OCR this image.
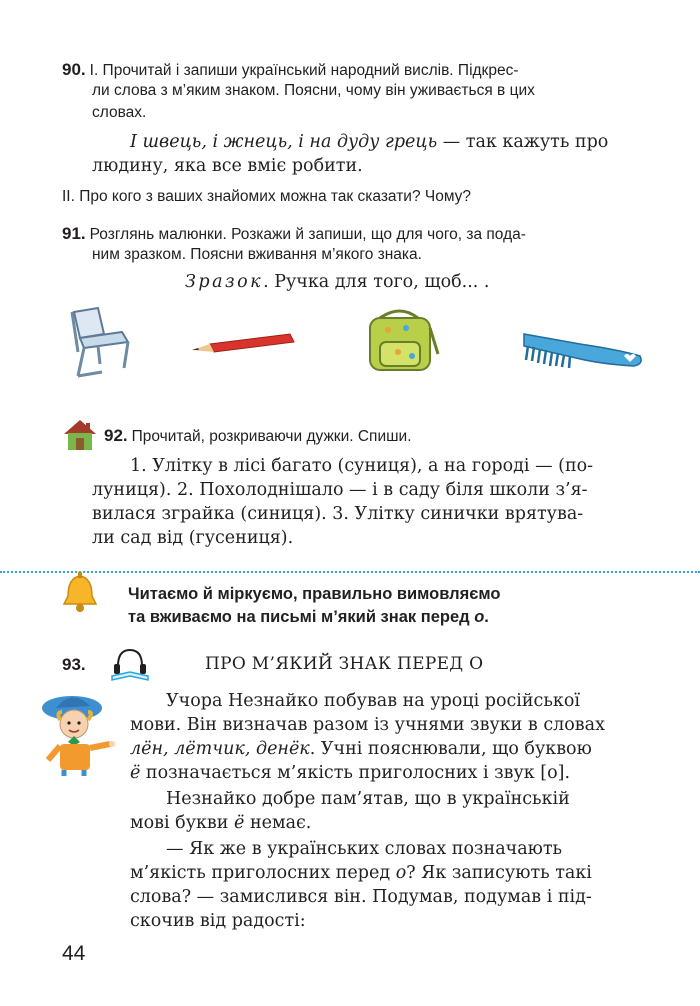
90. І. Прочитай і запиши український народний вислів. Підкрес-
ли слова з м’яким знаком. Поясни, чому він уживається в цих
словах.
І швець, і жнець, і на дуду грець — так кажуть про
людину, яка все вміє робити.
ІІ. Про кого з ваших знайомих можна так сказати? Чому?
91. Розглянь малюнки. Розкажи й запиши, що для чого, за пода-
ним зразком. Поясни вживання м’якого знака.
Зразок. Ручка для того, щоб... .
92. Прочитай, розкриваючи дужки. Спиши.
1. Улітку в лісі багато (суниця), а на городі — (по-
луниця). 2. Похолоднішало — і в саду біля школи з’я-
вилася зграйка (синиця). 3. Улітку синички врятува-
ли сад від (гусениця).
Читаємо й міркуємо, правильно вимовляємо
та вживаємо на письмі м’який знак перед о.
93.	ПРО М’ЯКИЙ ЗНАК ПЕРЕД О
Учора Незнайко побував на уроці російської
мови. Він визначав разом із учнями звуки в словах
лён, лётчик, денёк. Учні пояснювали, що буквою
ё позначається м’якість приголосних і звук [о].
Незнайко добре пам’ятав, що в українській
мові букви ё немає.
— Як же в українських словах позначають
м’якість приголосних перед о? Як записують такі
слова? — замислився він. Подумав, подумав і під-
скочив від радості:
44
